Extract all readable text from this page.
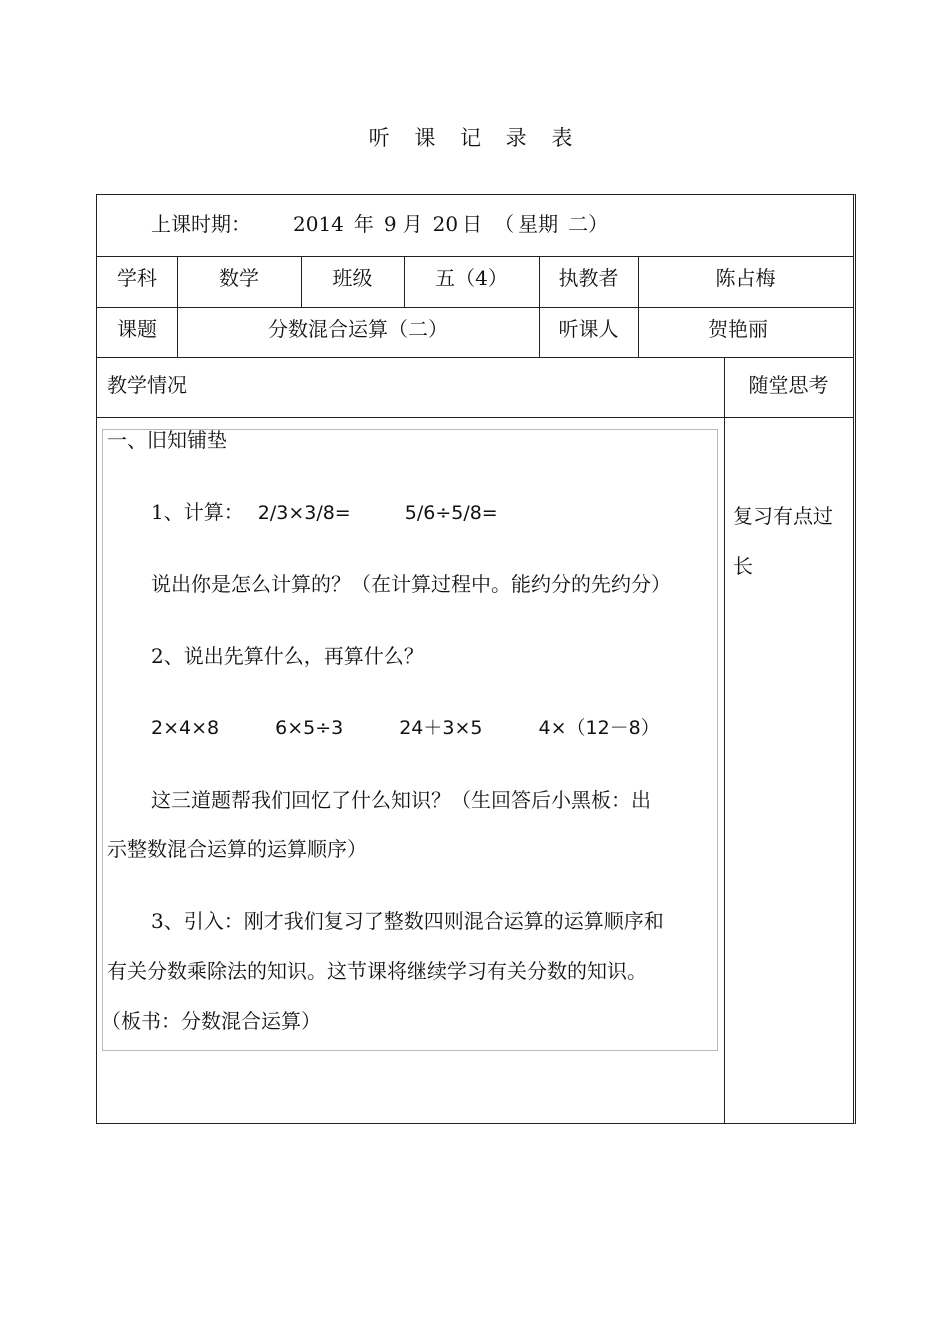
听 课 记 录 表
上课时期： 2014 年 9 月 20 日 （ 星期 二）
学科	数学	班级	五（4）	执教者	陈占梅
课题	分数混合运算（二）	听课人	贺艳丽
教学情况	随堂思考
一、旧知铺垫
1、计算： 2/3×3/8=	5/6÷5/8=
说出你是怎么计算的？（在计算过程中。能约分的先约分）
2、说出先算什么，再算什么？
2×4×8	6×5÷3	24＋3×5	4×（12－8）
这三道题帮我们回忆了什么知识？（生回答后小黑板：出
示整数混合运算的运算顺序）
3、引入：刚才我们复习了整数四则混合运算的运算顺序和
有关分数乘除法的知识。这节课将继续学习有关分数的知识。
（板书：分数混合运算）
复习有点过长
